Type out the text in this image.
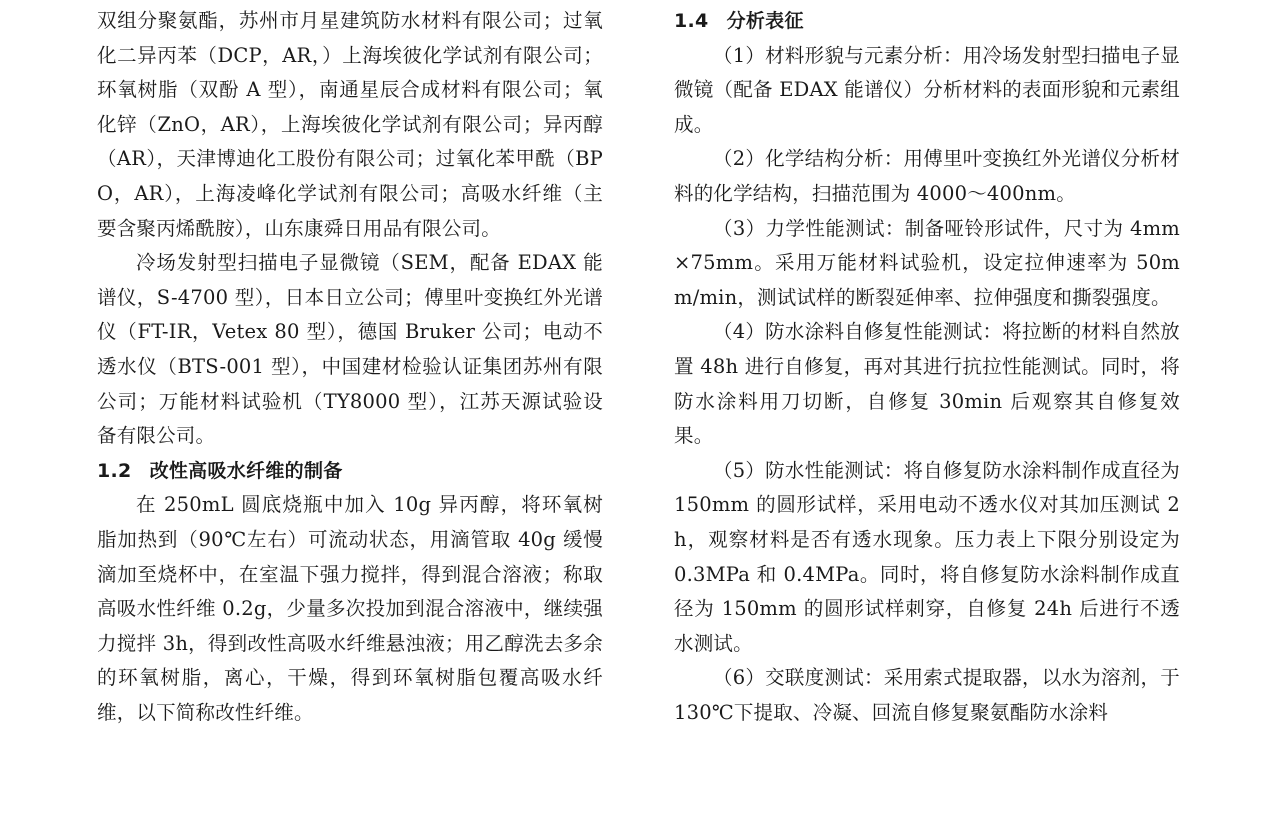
双组分聚氨酯，苏州市月星建筑防水材料有限公司；过氧化二异丙苯（DCP，AR，）上海埃彼化学试剂有限公司；环氧树脂（双酚 A 型），南通星辰合成材料有限公司；氧化锌（ZnO，AR），上海埃彼化学试剂有限公司；异丙醇（AR），天津博迪化工股份有限公司；过氧化苯甲酰（BPO，AR），上海凌峰化学试剂有限公司；高吸水纤维（主要含聚丙烯酰胺），山东康舜日用品有限公司。

冷场发射型扫描电子显微镜（SEM，配备 EDAX 能谱仪，S-4700 型），日本日立公司；傅里叶变换红外光谱仪（FT-IR，Vetex 80 型），德国 Bruker 公司；电动不透水仪（BTS-001 型），中国建材检验认证集团苏州有限公司；万能材料试验机（TY8000 型），江苏天源试验设备有限公司。

1.2 改性高吸水纤维的制备

在 250mL 圆底烧瓶中加入 10g 异丙醇，将环氧树脂加热到（90℃左右）可流动状态，用滴管取 40g 缓慢滴加至烧杯中，在室温下强力搅拌，得到混合溶液；称取高吸水性纤维 0.2g，少量多次投加到混合溶液中，继续强力搅拌 3h，得到改性高吸水纤维悬浊液；用乙醇洗去多余的环氧树脂，离心，干燥，得到环氧树脂包覆高吸水纤维，以下简称改性纤维。

1.4 分析表征

（1）材料形貌与元素分析：用冷场发射型扫描电子显微镜（配备 EDAX 能谱仪）分析材料的表面形貌和元素组成。

（2）化学结构分析：用傅里叶变换红外光谱仪分析材料的化学结构，扫描范围为 4000～400nm。

（3）力学性能测试：制备哑铃形试件，尺寸为 4mm×75mm。采用万能材料试验机，设定拉伸速率为 50mm/min，测试试样的断裂延伸率、拉伸强度和撕裂强度。

（4）防水涂料自修复性能测试：将拉断的材料自然放置 48h 进行自修复，再对其进行抗拉性能测试。同时，将防水涂料用刀切断，自修复 30min 后观察其自修复效果。

（5）防水性能测试：将自修复防水涂料制作成直径为 150mm 的圆形试样，采用电动不透水仪对其加压测试 2h，观察材料是否有透水现象。压力表上下限分别设定为 0.3MPa 和 0.4MPa。同时，将自修复防水涂料制作成直径为 150mm 的圆形试样刺穿，自修复 24h 后进行不透水测试。

（6）交联度测试：采用索式提取器，以水为溶剂，于 130℃下提取、冷凝、回流自修复聚氨酯防水涂料
